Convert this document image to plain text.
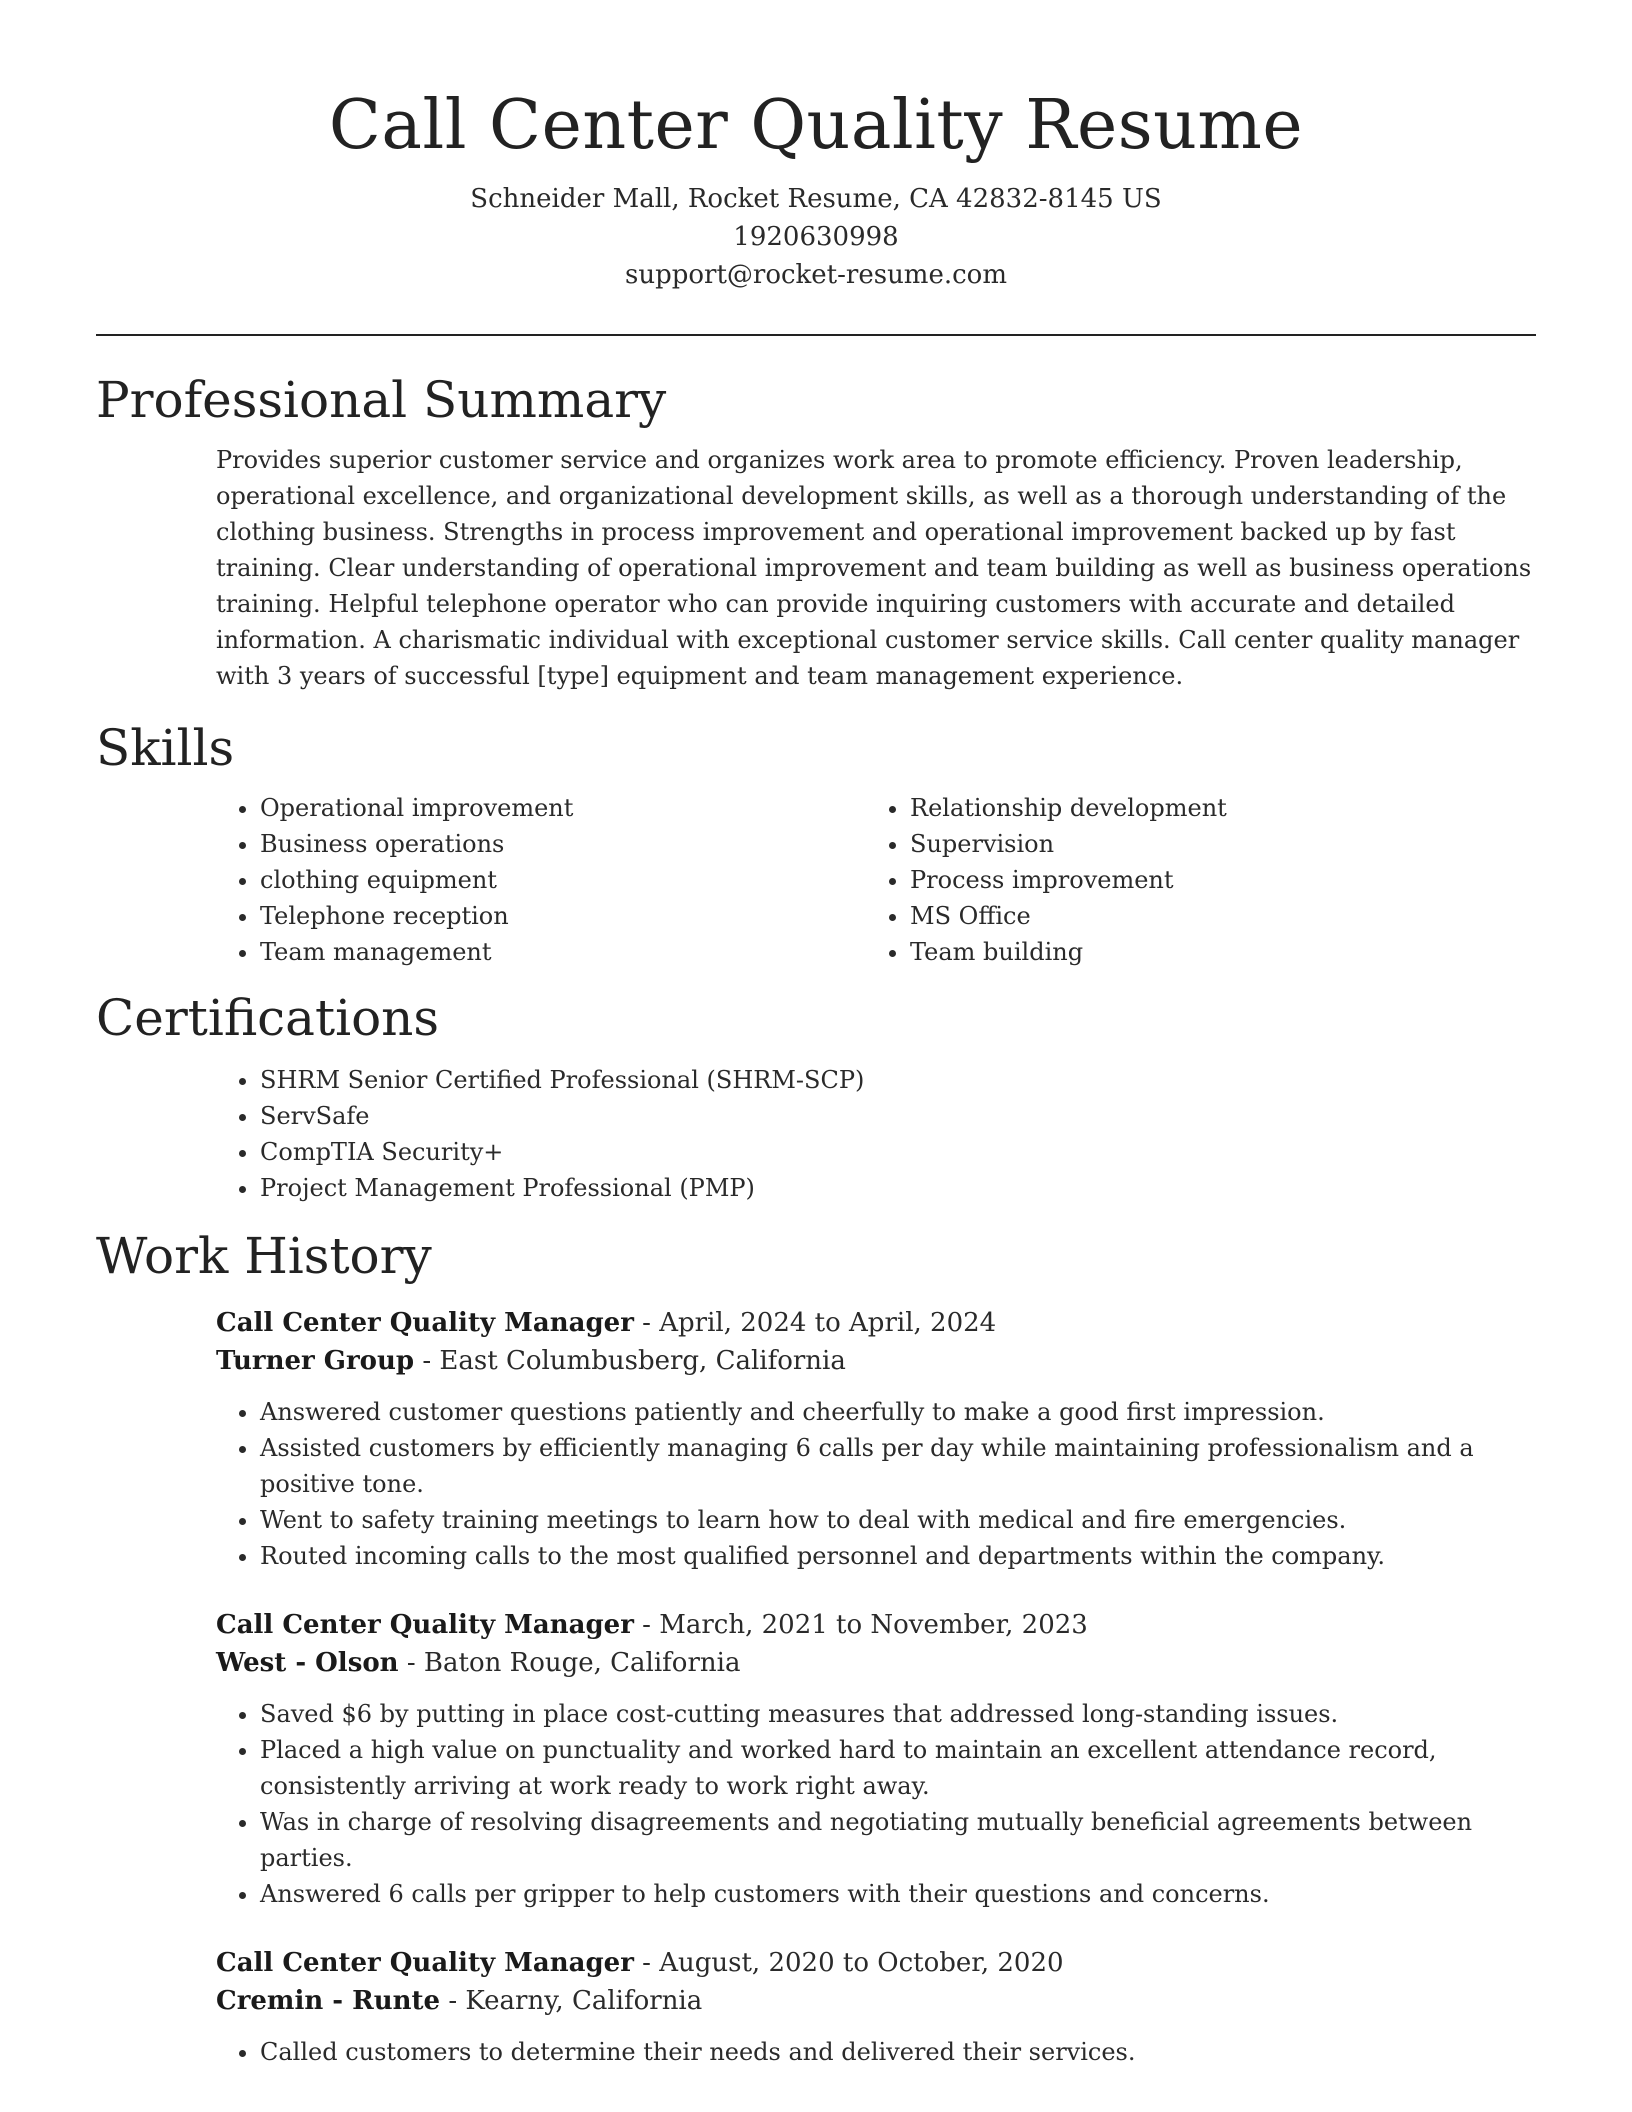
Call Center Quality Resume
Schneider Mall, Rocket Resume, CA 42832-8145 US
1920630998
support@rocket-resume.com
Professional Summary

Provides superior customer service and organizes work area to promote efficiency. Proven leadership, operational excellence, and organizational development skills, as well as a thorough understanding of the clothing business. Strengths in process improvement and operational improvement backed up by fast training. Clear understanding of operational improvement and team building as well as business operations training. Helpful telephone operator who can provide inquiring customers with accurate and detailed information. A charismatic individual with exceptional customer service skills. Call center quality manager with 3 years of successful [type] equipment and team management experience.

Skills
• Operational improvement
• Business operations
• clothing equipment
• Telephone reception
• Team management
• Relationship development
• Supervision
• Process improvement
• MS Office
• Team building
Certifications
• SHRM Senior Certified Professional (SHRM-SCP)
• ServSafe
• CompTIA Security+
• Project Management Professional (PMP)
Work History
Call Center Quality Manager - April, 2024 to April, 2024
Turner Group - East Columbusberg, California
• Answered customer questions patiently and cheerfully to make a good first impression.
• Assisted customers by efficiently managing 6 calls per day while maintaining professionalism and a positive tone.
• Went to safety training meetings to learn how to deal with medical and fire emergencies.
• Routed incoming calls to the most qualified personnel and departments within the company.
Call Center Quality Manager - March, 2021 to November, 2023
West - Olson - Baton Rouge, California
• Saved $6 by putting in place cost-cutting measures that addressed long-standing issues.
• Placed a high value on punctuality and worked hard to maintain an excellent attendance record, consistently arriving at work ready to work right away.
• Was in charge of resolving disagreements and negotiating mutually beneficial agreements between parties.
• Answered 6 calls per gripper to help customers with their questions and concerns.
Call Center Quality Manager - August, 2020 to October, 2020
Cremin - Runte - Kearny, California
• Called customers to determine their needs and delivered their services.
